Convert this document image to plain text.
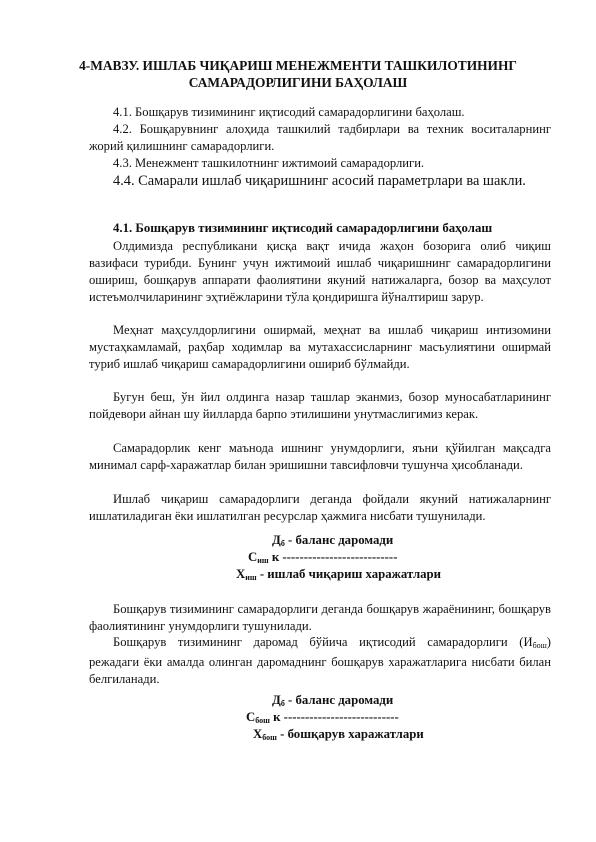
4-МАВЗУ. ИШЛАБ ЧИҚАРИШ МЕНЕЖМЕНТИ ТАШКИЛОТИНИНГ
САМАРАДОРЛИГИНИ БАҲОЛАШ
4.1. Бошқарув тизимининг иқтисодий самарадорлигини баҳолаш.
4.2. Бошқарувнинг алоҳида ташкилий тадбирлари ва техник воситаларнинг жорий қилишнинг самарадорлиги.
4.3. Менежмент ташкилотнинг ижтимоий самарадорлиги.
4.4. Самарали ишлаб чиқаришнинг асосий параметрлари ва шакли.
4.1. Бошқарув тизимининг иқтисодий самарадорлигини баҳолаш
Олдимизда республикани қисқа вақт ичида жаҳон бозорига олиб чиқиш вазифаси турибди. Бунинг учун ижтимоий ишлаб чиқаришнинг самарадорлигини ошириш, бошқарув аппарати фаолиятини якуний натижаларга, бозор ва маҳсулот истеъмолчиларининг эҳтиёжларини тўла қондиришга йўналтириш зарур.
Меҳнат маҳсулдорлигини оширмай, меҳнат ва ишлаб чиқариш интизомини мустаҳкамламай, раҳбар ходимлар ва мутахассисларнинг масъулиятини оширмай туриб ишлаб чиқариш самарадорлигини ошириб бўлмайди.
Бугун беш, ўн йил олдинга назар ташлар эканмиз, бозор муносабатларининг пойдевори айнан шу йилларда барпо этилишини унутмаслигимиз керак.
Самарадорлик кенг маънода ишнинг унумдорлиги, яъни қўйилган мақсадга минимал сарф-харажатлар билан эришишни тавсифловчи тушунча ҳисобланади.
Ишлаб чиқариш самарадорлиги деганда фойдали якуний натижаларнинг ишлатиладиган ёки ишлатилган ресурслар ҳажмига нисбати тушунилади.
$Д_б$ - баланс даромади
$С_{иш}$ к ---------------------------
$Х_{иш}$ - ишлаб чиқариш харажатлари
Бошқарув тизимининг самарадорлиги деганда бошқарув жараёнининг, бошқарув фаолиятининг унумдорлиги тушунилади.
Бошқарув тизимининг даромад бўйича иқтисодий самарадорлиги $(И_{бош})$ режадаги ёки амалда олинган даромаднинг бошқарув харажатларига нисбати билан белгиланади.
$Д_б$ - баланс даромади
$С_{бош}$ к ---------------------------
$Х_{бош}$ - бошқарув харажатлари
